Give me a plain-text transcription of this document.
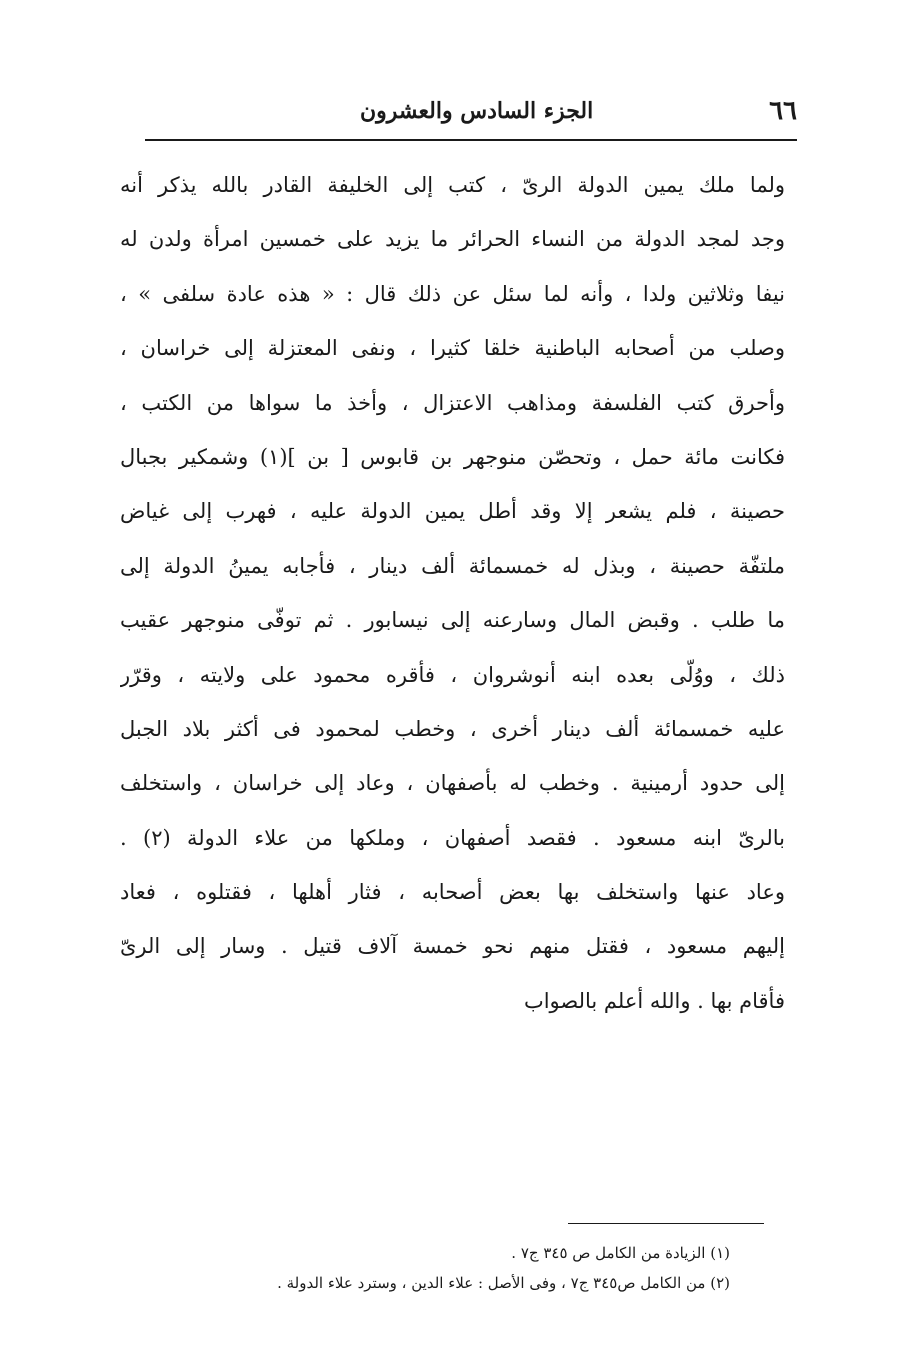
٦٦
الجزء السادس والعشرون
ولما ملك يمين الدولة الرىّ ، كتب إلى الخليفة القادر بالله يذكر أنه
وجد لمجد الدولة من النساء الحرائر ما يزيد على خمسين امرأة ولدن له
نيفا وثلاثين ولدا ، وأنه لما سئل عن ذلك قال : « هذه عادة سلفى » ،
وصلب من أصحابه الباطنية خلقا كثيرا ، ونفى المعتزلة إلى خراسان ،
وأحرق كتب الفلسفة ومذاهب الاعتزال ، وأخذ ما سواها من الكتب ،
فكانت مائة حمل ، وتحصّن منوجهر بن قابوس [ بن ](١) وشمكير بجبال
حصينة ، فلم يشعر إلا وقد أطل يمين الدولة عليه ، فهرب إلى غياض
ملتفّة حصينة ، وبذل له خمسمائة ألف دينار ، فأجابه يمينُ الدولة إلى
ما طلب . وقبض المال وسارعنه إلى نيسابور . ثم توفّى منوجهر عقيب
ذلك ، ووُلّى بعده ابنه أنوشروان ، فأقره محمود على ولايته ، وقرّر
عليه خمسمائة ألف دينار أخرى ، وخطب لمحمود فى أكثر بلاد الجبل
إلى حدود أرمينية . وخطب له بأصفهان ، وعاد إلى خراسان ، واستخلف
بالرىّ ابنه مسعود . فقصد أصفهان ، وملكها من علاء الدولة (٢) .
وعاد عنها واستخلف بها بعض أصحابه ، فثار أهلها ، فقتلوه ، فعاد
إليهم مسعود ، فقتل منهم نحو خمسة آلاف قتيل . وسار إلى الرىّ
فأقام بها . والله أعلم بالصواب
(١) الزيادة من الكامل ص ٣٤٥ ج٧ .
(٢) من الكامل ص٣٤٥ ج٧ ، وفى الأصل : علاء الدين ، وسترد علاء الدولة .
